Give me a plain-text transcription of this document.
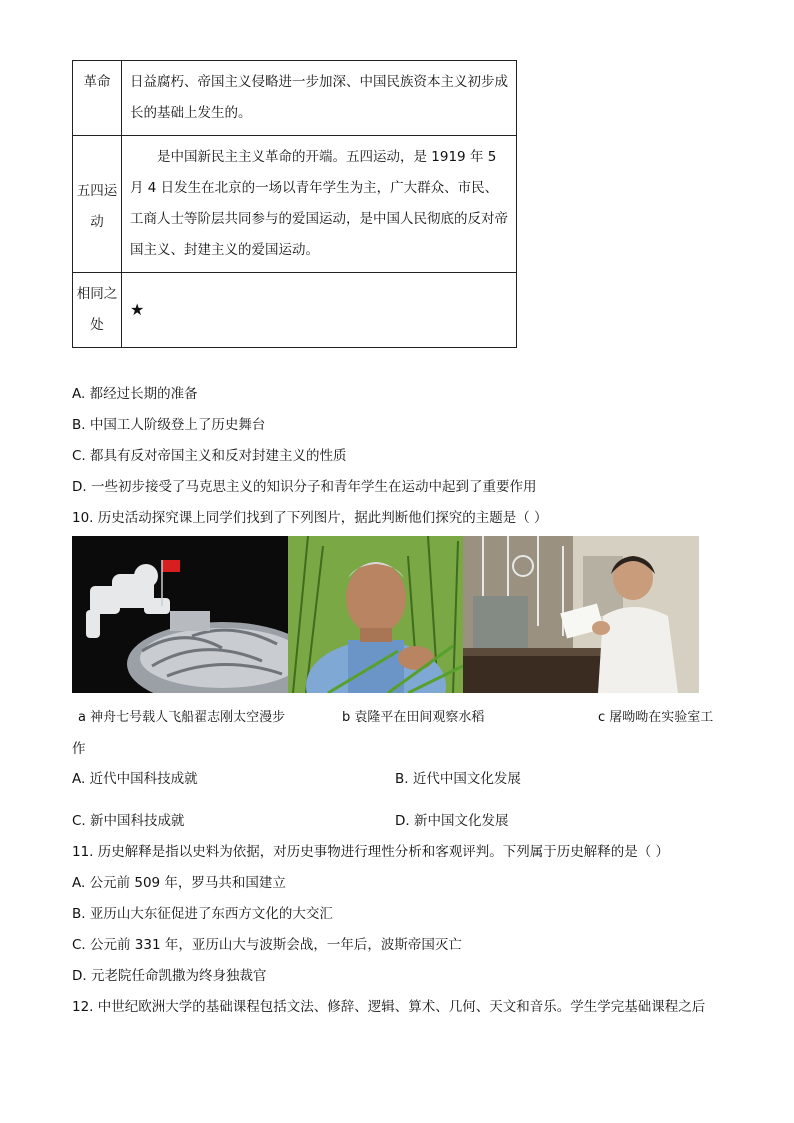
革命	日益腐朽、帝国主义侵略进一步加深、中国民族资本主义初步成长的基础上发生的。
五四运动	是中国新民主主义革命的开端。五四运动，是 1919 年 5 月 4 日发生在北京的一场以青年学生为主，广大群众、市民、工商人士等阶层共同参与的爱国运动，是中国人民彻底的反对帝国主义、封建主义的爱国运动。
相同之处	★
A. 都经过长期的准备
B. 中国工人阶级登上了历史舞台
C. 都具有反对帝国主义和反对封建主义的性质
D. 一些初步接受了马克思主义的知识分子和青年学生在运动中起到了重要作用
10. 历史活动探究课上同学们找到了下列图片，据此判断他们探究的主题是（ ）
a 神舟七号载人飞船翟志刚太空漫步	b 袁隆平在田间观察水稻	c 屠呦呦在实验室工
作
A. 近代中国科技成就	B. 近代中国文化发展
C. 新中国科技成就	D. 新中国文化发展
11. 历史解释是指以史料为依据，对历史事物进行理性分析和客观评判。下列属于历史解释的是（ ）
A. 公元前 509 年，罗马共和国建立
B. 亚历山大东征促进了东西方文化的大交汇
C. 公元前 331 年，亚历山大与波斯会战，一年后，波斯帝国灭亡
D. 元老院任命凯撒为终身独裁官
12. 中世纪欧洲大学的基础课程包括文法、修辞、逻辑、算术、几何、天文和音乐。学生学完基础课程之后
